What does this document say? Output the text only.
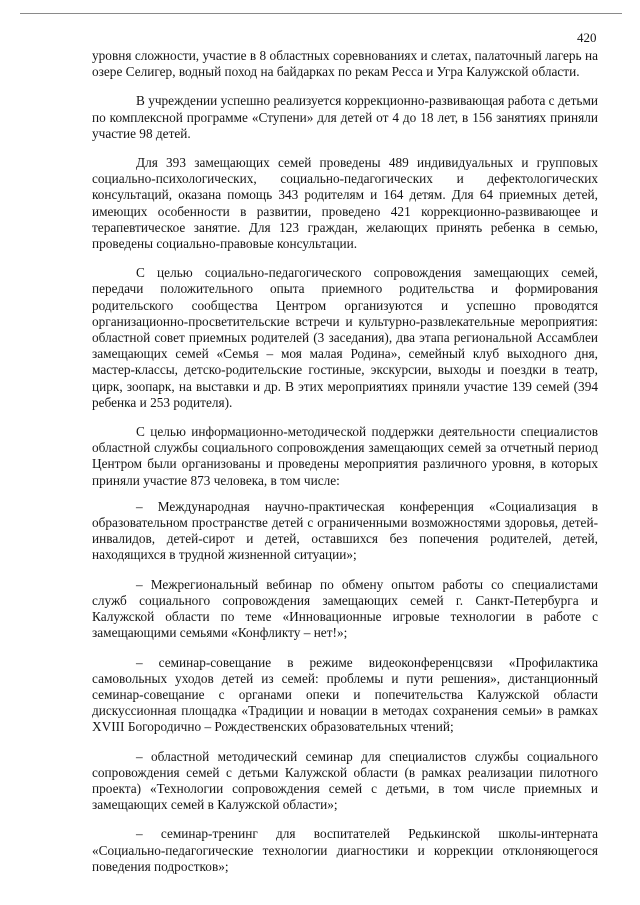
420

уровня сложности, участие в 8 областных соревнованиях и слетах, палаточный лагерь на озере Селигер, водный поход на байдарках по рекам Ресса и Угра Калужской области.

В учреждении успешно реализуется коррекционно-развивающая работа с детьми по комплексной программе «Ступени» для детей от 4 до 18 лет, в 156 занятиях приняли участие 98 детей.

Для 393 замещающих семей проведены 489 индивидуальных и групповых социально-психологических, социально-педагогических и дефектологических консультаций, оказана помощь 343 родителям и 164 детям. Для 64 приемных детей, имеющих особенности в развитии, проведено 421 коррекционно-развивающее и терапевтическое занятие. Для 123 граждан, желающих принять ребенка в семью, проведены социально-правовые консультации.

С целью социально-педагогического сопровождения замещающих семей, передачи положительного опыта приемного родительства и формирования родительского сообщества Центром организуются и успешно проводятся организационно-просветительские встречи и культурно-развлекательные мероприятия: областной совет приемных родителей (3 заседания), два этапа региональной Ассамблеи замещающих семей «Семья – моя малая Родина», семейный клуб выходного дня, мастер-классы, детско-родительские гостиные, экскурсии, выходы и поездки в театр, цирк, зоопарк, на выставки и др. В этих мероприятиях приняли участие 139 семей (394 ребенка и 253 родителя).

С целью информационно-методической поддержки деятельности специалистов областной службы социального сопровождения замещающих семей за отчетный период Центром были организованы и проведены мероприятия различного уровня, в которых приняли участие 873 человека, в том числе:

– Международная научно-практическая конференция «Социализация в образовательном пространстве детей с ограниченными возможностями здоровья, детей-инвалидов, детей-сирот и детей, оставшихся без попечения родителей, детей, находящихся в трудной жизненной ситуации»;

– Межрегиональный вебинар по обмену опытом работы со специалистами служб социального сопровождения замещающих семей г. Санкт-Петербурга и Калужской области по теме «Инновационные игровые технологии в работе с замещающими семьями «Конфликту – нет!»;

– семинар-совещание в режиме видеоконференцсвязи «Профилактика самовольных уходов детей из семей: проблемы и пути решения», дистанционный семинар-совещание с органами опеки и попечительства Калужской области дискуссионная площадка «Традиции и новации в методах сохранения семьи» в рамках XVIII Богородично – Рождественских образовательных чтений;

– областной методический семинар для специалистов службы социального сопровождения семей с детьми Калужской области (в рамках реализации пилотного проекта) «Технологии сопровождения семей с детьми, в том числе приемных и замещающих семей в Калужской области»;

– семинар-тренинг для воспитателей Редькинской школы-интерната «Социально-педагогические технологии диагностики и коррекции отклоняющегося поведения подростков»;
